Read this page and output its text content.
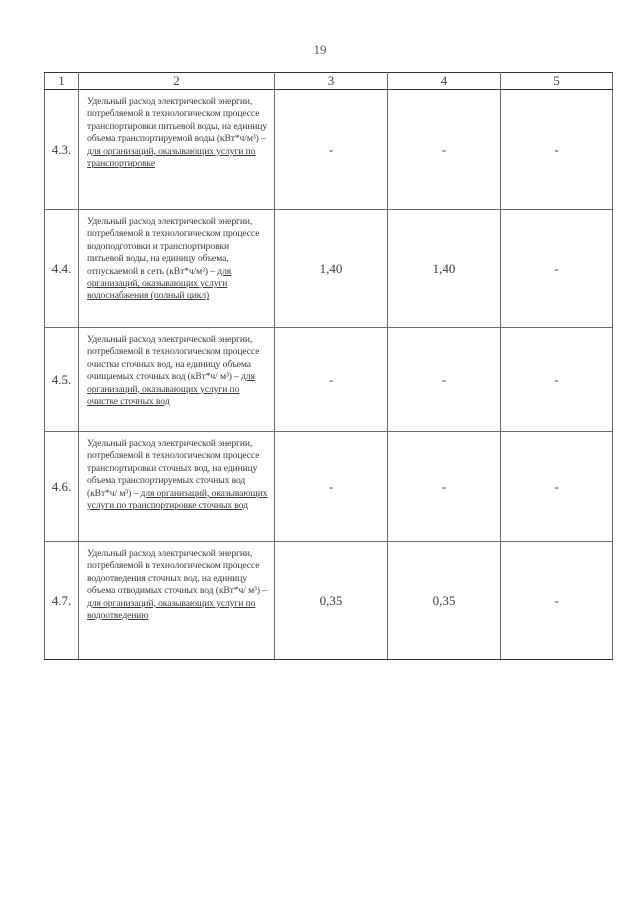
19
1	2	3	4	5
4.3.	Удельный расход электрической энергии, потребляемой в технологическом процессе транспортировки питьевой воды, на единицу объема транспортируемой воды (кВт*ч/м³) – для организаций, оказывающих услуги по транспортировке	-	-	-
4.4.	Удельный расход электрической энергии, потребляемой в технологическом процессе водоподготовки и транспортировки питьевой воды, на единицу объема, отпускаемой в сеть (кВт*ч/м³) – для организаций, оказывающих услуги водоснабжения (полный цикл)	1,40	1,40	-
4.5.	Удельный расход электрической энергии, потребляемой в технологическом процессе очистки сточных вод, на единицу объема очищаемых сточных вод (кВт*ч/ м³) – для организаций, оказывающих услуги по очистке сточных вод	-	-	-
4.6.	Удельный расход электрической энергии, потребляемой в технологическом процессе транспортировки сточных вод, на единицу объема транспортируемых сточных вод (кВт*ч/ м³) – для организаций, оказывающих услуги по транспортировке сточных вод	-	-	-
4.7.	Удельный расход электрической энергии, потребляемой в технологическом процессе водоотведения сточных вод, на единицу объема отводимых сточных вод (кВт*ч/ м³) – для организаций, оказывающих услуги по водоотведению	0,35	0,35	-
